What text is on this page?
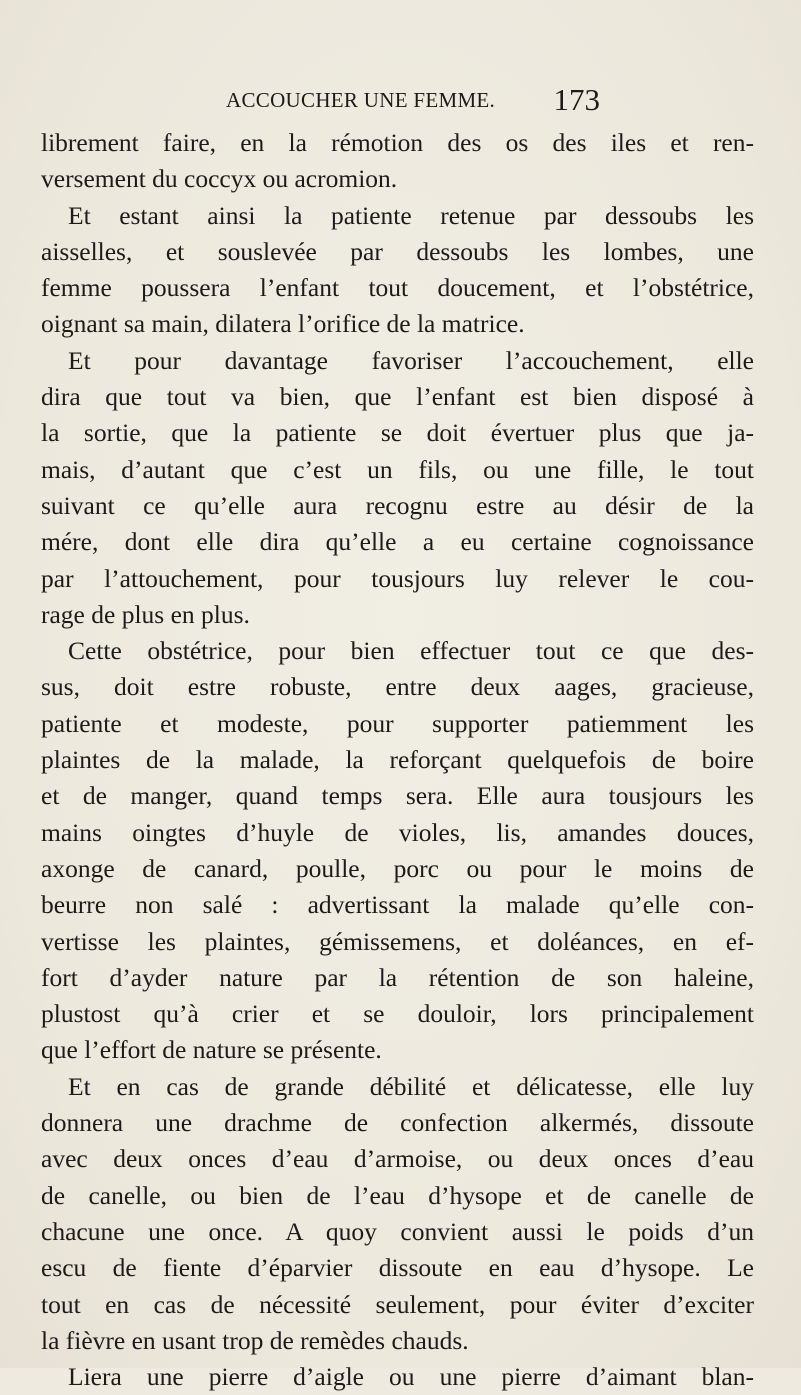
ACCOUCHER UNE FEMME. 173
librement faire, en la rémotion des os des iles et ren-
versement du coccyx ou acromion.
Et estant ainsi la patiente retenue par dessoubs les
aisselles, et souslevée par dessoubs les lombes, une
femme poussera l’enfant tout doucement, et l’obstétrice,
oignant sa main, dilatera l’orifice de la matrice.
Et pour davantage favoriser l’accouchement, elle
dira que tout va bien, que l’enfant est bien disposé à
la sortie, que la patiente se doit évertuer plus que ja-
mais, d’autant que c’est un fils, ou une fille, le tout
suivant ce qu’elle aura recognu estre au désir de la
mére, dont elle dira qu’elle a eu certaine cognoissance
par l’attouchement, pour tousjours luy relever le cou-
rage de plus en plus.
Cette obstétrice, pour bien effectuer tout ce que des-
sus, doit estre robuste, entre deux aages, gracieuse,
patiente et modeste, pour supporter patiemment les
plaintes de la malade, la reforçant quelquefois de boire
et de manger, quand temps sera. Elle aura tousjours les
mains oingtes d’huyle de violes, lis, amandes douces,
axonge de canard, poulle, porc ou pour le moins de
beurre non salé : advertissant la malade qu’elle con-
vertisse les plaintes, gémissemens, et doléances, en ef-
fort d’ayder nature par la rétention de son haleine,
plustost qu’à crier et se douloir, lors principalement
que l’effort de nature se présente.
Et en cas de grande débilité et délicatesse, elle luy
donnera une drachme de confection alkermés, dissoute
avec deux onces d’eau d’armoise, ou deux onces d’eau
de canelle, ou bien de l’eau d’hysope et de canelle de
chacune une once. A quoy convient aussi le poids d’un
escu de fiente d’éparvier dissoute en eau d’hysope. Le
tout en cas de nécessité seulement, pour éviter d’exciter
la fièvre en usant trop de remèdes chauds.
Liera une pierre d’aigle ou une pierre d’aimant blan-
